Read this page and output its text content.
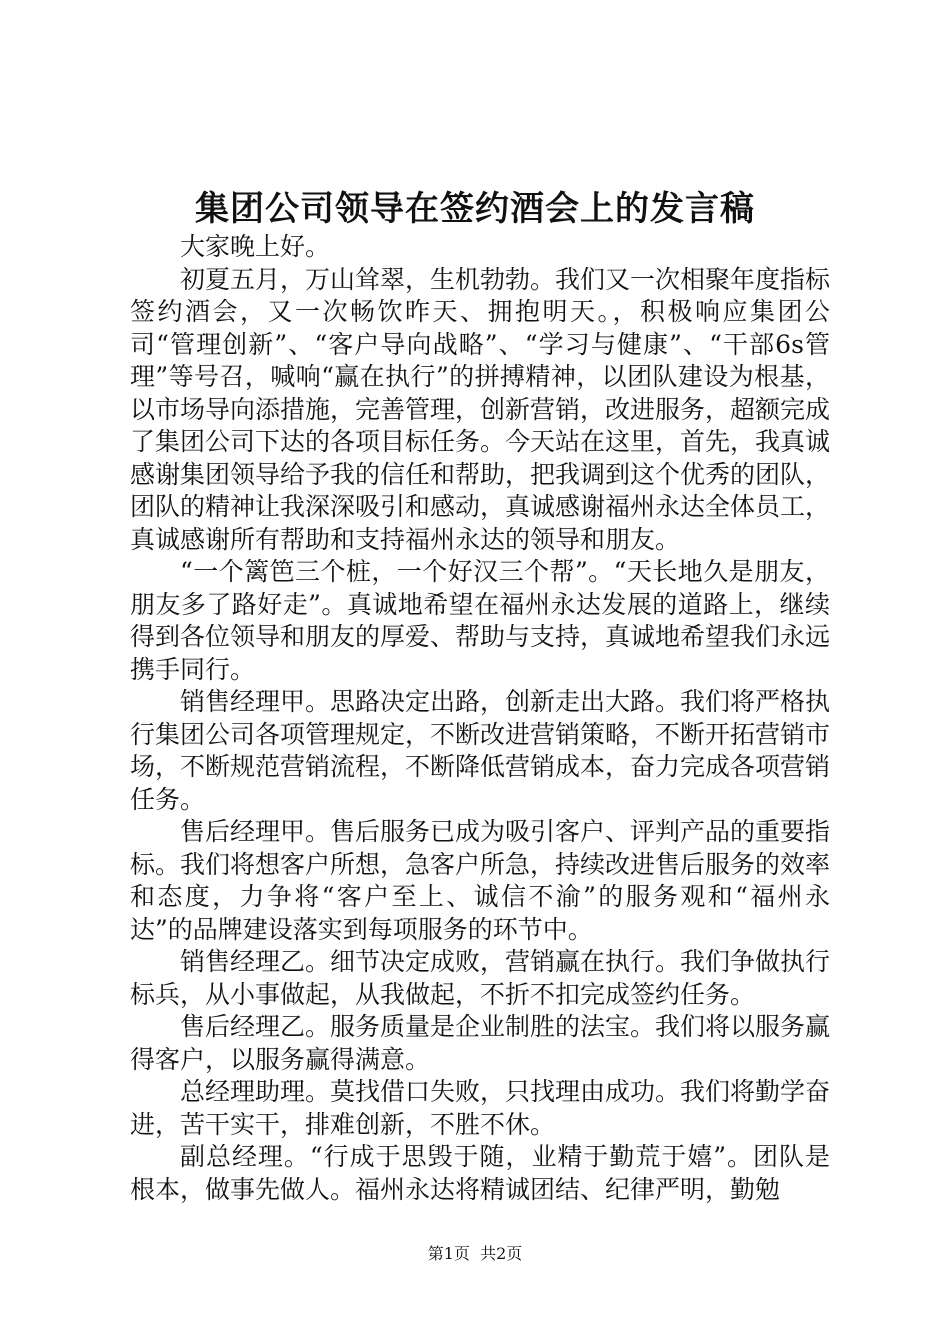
集团公司领导在签约酒会上的发言稿

大家晚上好。

初夏五月，万山耸翠，生机勃勃。我们又一次相聚年度指标签约酒会，又一次畅饮昨天、拥抱明天。，积极响应集团公司“管理创新”、“客户导向战略”、“学习与健康”、“干部6s管理”等号召，喊响“赢在执行”的拼搏精神，以团队建设为根基，以市场导向添措施，完善管理，创新营销，改进服务，超额完成了集团公司下达的各项目标任务。今天站在这里，首先，我真诚感谢集团领导给予我的信任和帮助，把我调到这个优秀的团队，团队的精神让我深深吸引和感动，真诚感谢福州永达全体员工，真诚感谢所有帮助和支持福州永达的领导和朋友。

“一个篱笆三个桩，一个好汉三个帮”。“天长地久是朋友，朋友多了路好走”。真诚地希望在福州永达发展的道路上，继续得到各位领导和朋友的厚爱、帮助与支持，真诚地希望我们永远携手同行。

销售经理甲。思路决定出路，创新走出大路。我们将严格执行集团公司各项管理规定，不断改进营销策略，不断开拓营销市场，不断规范营销流程，不断降低营销成本，奋力完成各项营销任务。

售后经理甲。售后服务已成为吸引客户、评判产品的重要指标。我们将想客户所想，急客户所急，持续改进售后服务的效率和态度，力争将“客户至上、诚信不渝”的服务观和“福州永达”的品牌建设落实到每项服务的环节中。

销售经理乙。细节决定成败，营销赢在执行。我们争做执行标兵，从小事做起，从我做起，不折不扣完成签约任务。

售后经理乙。服务质量是企业制胜的法宝。我们将以服务赢得客户，以服务赢得满意。

总经理助理。莫找借口失败，只找理由成功。我们将勤学奋进，苦干实干，排难创新，不胜不休。

副总经理。“行成于思毁于随，业精于勤荒于嬉”。团队是根本，做事先做人。福州永达将精诚团结、纪律严明，勤勉

第1页 共2页
